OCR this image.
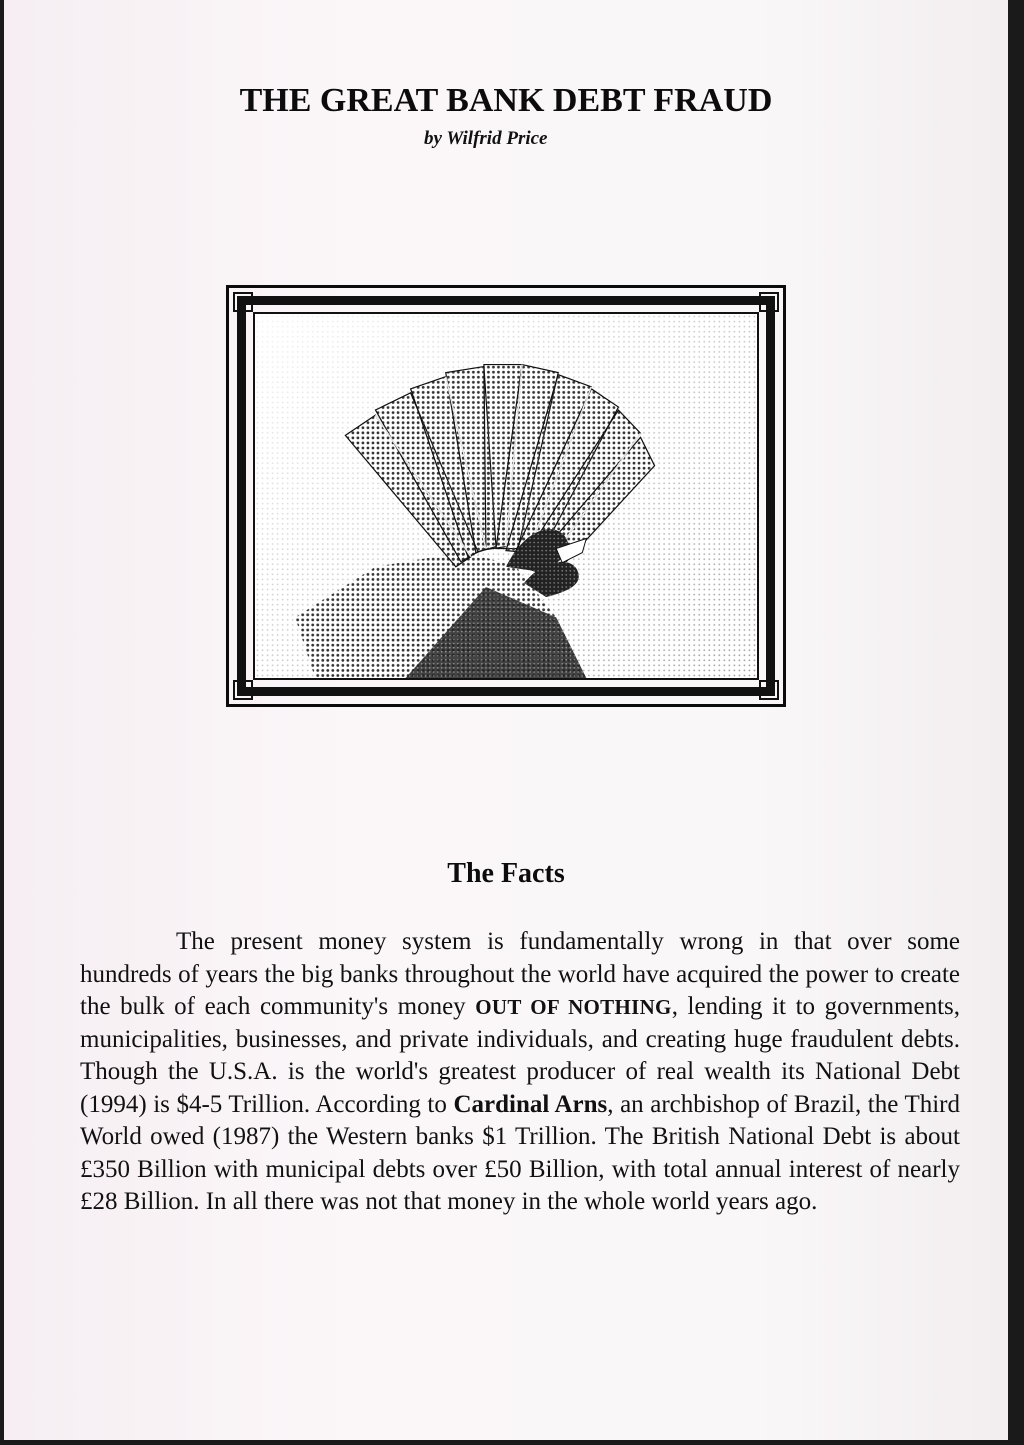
THE GREAT BANK DEBT FRAUD
by Wilfrid Price
The Facts

The present money system is fundamentally wrong in that over some hundreds of years the big banks throughout the world have acquired the power to create the bulk of each community's money OUT OF NOTHING, lending it to governments, municipalities, businesses, and private individuals, and creating huge fraudulent debts. Though the U.S.A. is the world's greatest producer of real wealth its National Debt (1994) is $4-5 Trillion. According to Cardinal Arns, an archbishop of Brazil, the Third World owed (1987) the Western banks $1 Trillion. The British National Debt is about £350 Billion with municipal debts over £50 Billion, with total annual interest of nearly £28 Billion. In all there was not that money in the whole world years ago.
